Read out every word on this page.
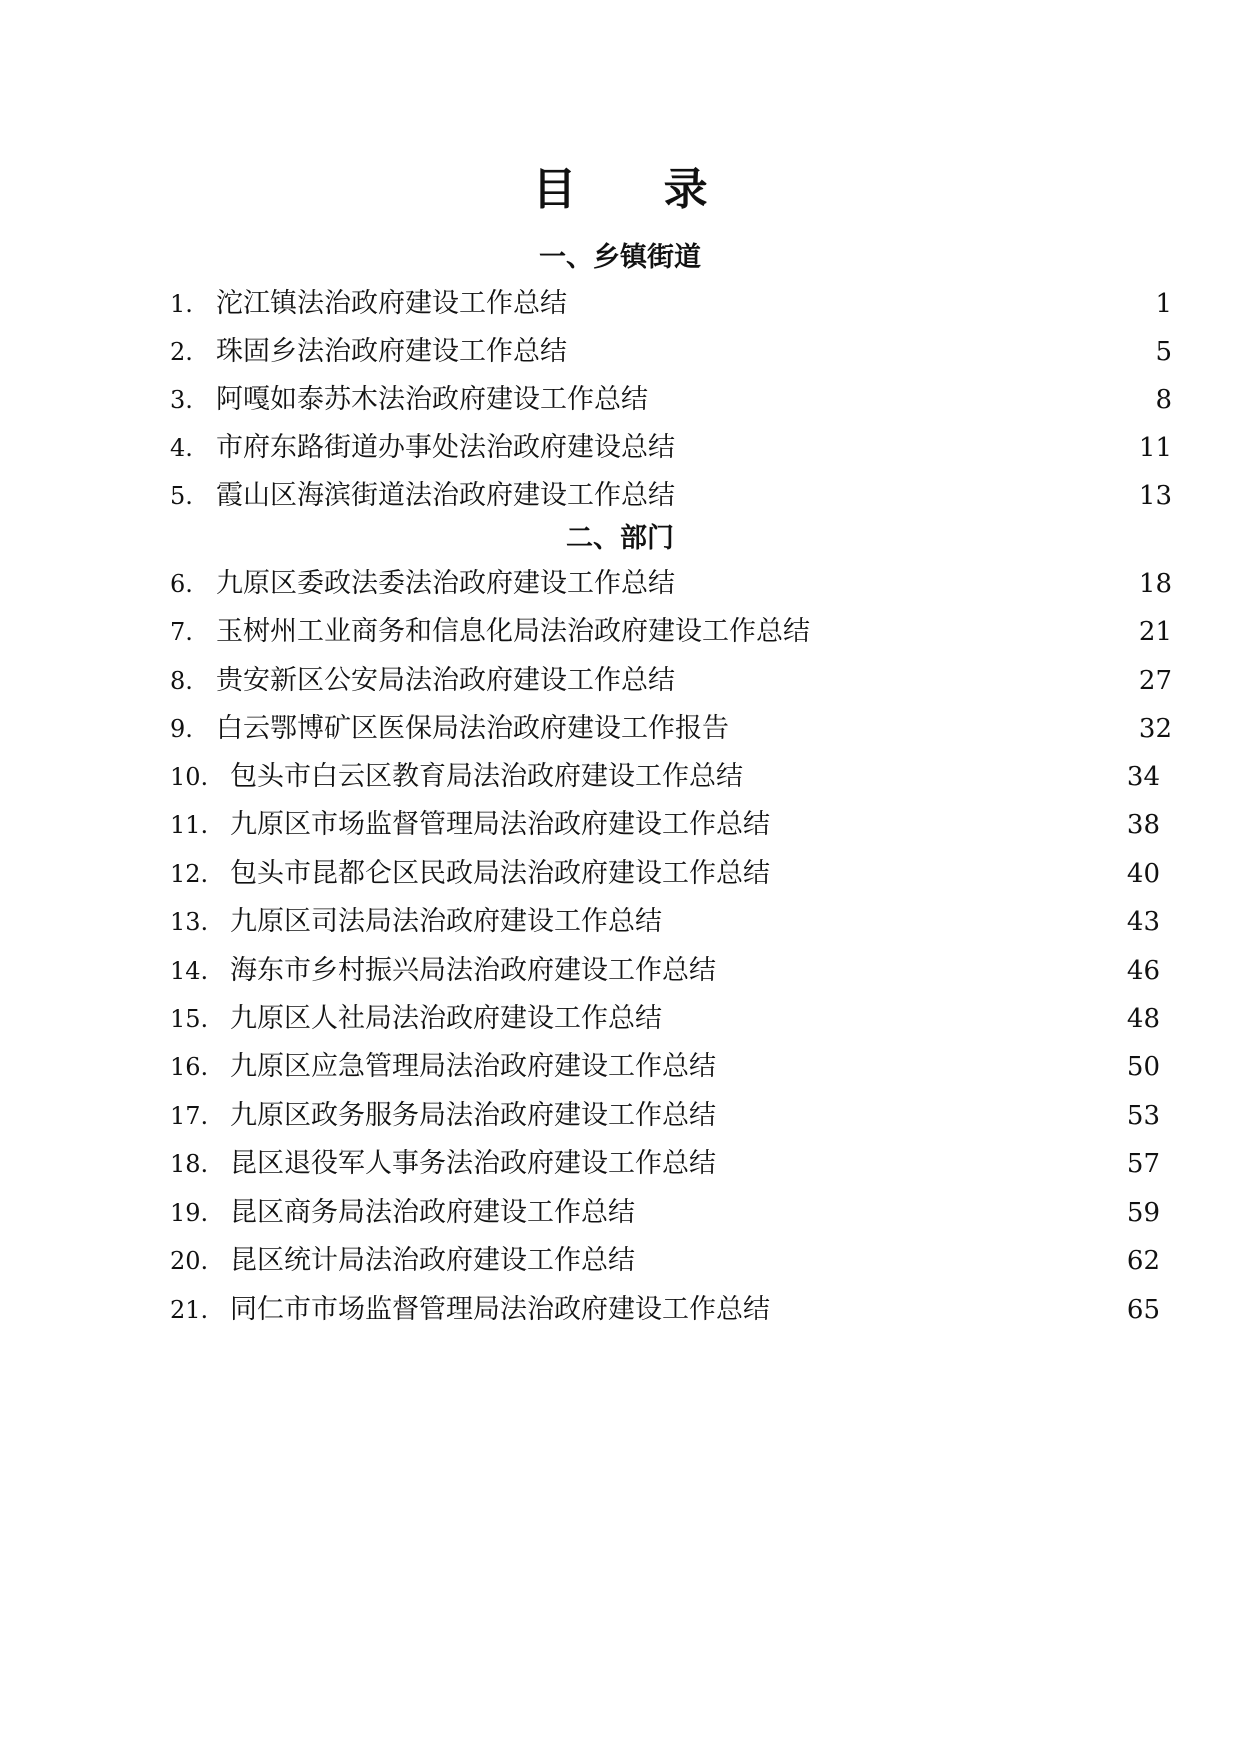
目 录
一、乡镇街道
1. 沱江镇法治政府建设工作总结	1
2. 珠固乡法治政府建设工作总结	5
3. 阿嘎如泰苏木法治政府建设工作总结	8
4. 市府东路街道办事处法治政府建设总结	11
5. 霞山区海滨街道法治政府建设工作总结	13
二、部门
6. 九原区委政法委法治政府建设工作总结	18
7. 玉树州工业商务和信息化局法治政府建设工作总结	21
8. 贵安新区公安局法治政府建设工作总结	27
9. 白云鄂博矿区医保局法治政府建设工作报告	32
10. 包头市白云区教育局法治政府建设工作总结	34
11. 九原区市场监督管理局法治政府建设工作总结	38
12. 包头市昆都仑区民政局法治政府建设工作总结	40
13. 九原区司法局法治政府建设工作总结	43
14. 海东市乡村振兴局法治政府建设工作总结	46
15. 九原区人社局法治政府建设工作总结	48
16. 九原区应急管理局法治政府建设工作总结	50
17. 九原区政务服务局法治政府建设工作总结	53
18. 昆区退役军人事务法治政府建设工作总结	57
19. 昆区商务局法治政府建设工作总结	59
20. 昆区统计局法治政府建设工作总结	62
21. 同仁市市场监督管理局法治政府建设工作总结	65
